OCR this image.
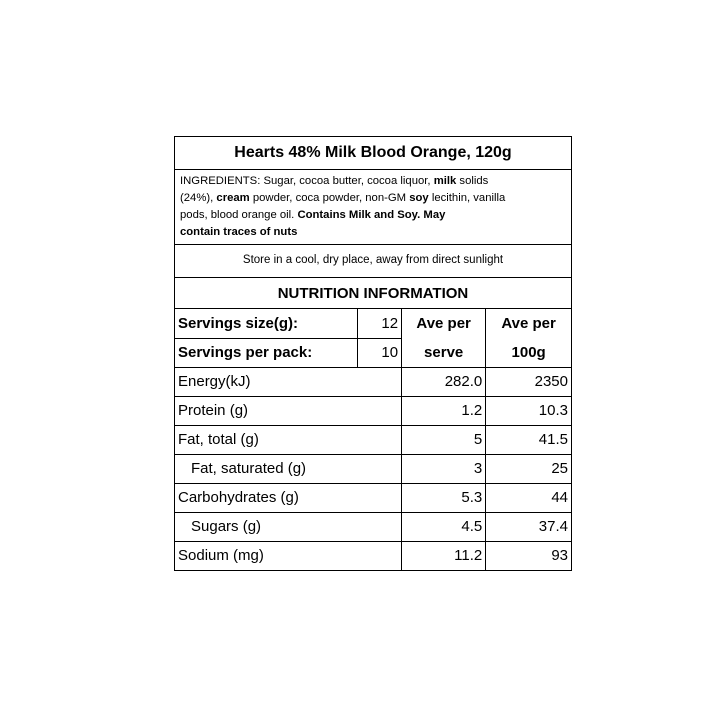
Hearts 48% Milk Blood Orange, 120g
INGREDIENTS: Sugar, cocoa butter, cocoa liquor, milk solids
(24%), cream powder, coca powder, non-GM soy lecithin, vanilla
pods, blood orange oil. Contains Milk and Soy. May
contain traces of nuts
Store in a cool, dry place, away from direct sunlight
NUTRITION INFORMATION
Servings size(g):	12	Ave per	Ave per
Servings per pack:	10	serve	100g
Energy(kJ)		282.0	2350
Protein (g)		1.2	10.3
Fat, total (g)		5	41.5
Fat, saturated (g)		3	25
Carbohydrates (g)		5.3	44
Sugars (g)		4.5	37.4
Sodium (mg)		11.2	93
